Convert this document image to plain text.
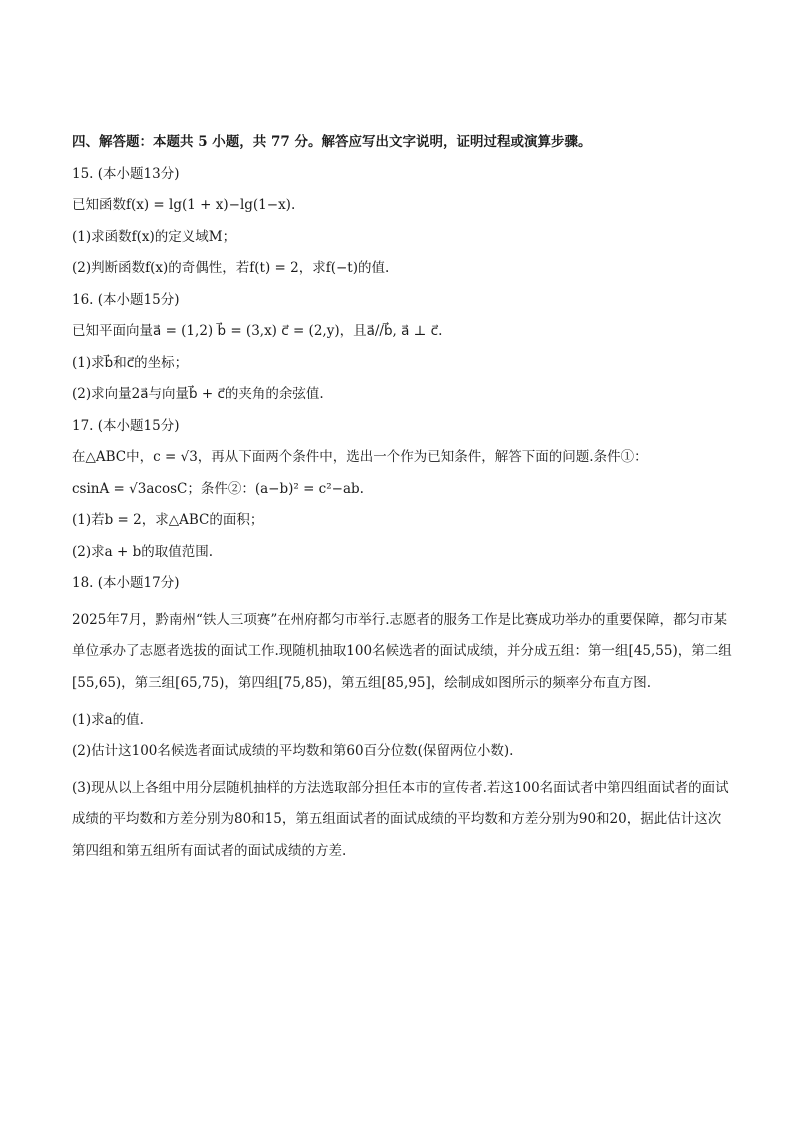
四、解答题：本题共 5 小题，共 77 分。解答应写出文字说明，证明过程或演算步骤。
15. (本小题13分)
已知函数f(x) = lg(1 + x)−lg(1−x).
(1)求函数f(x)的定义域M；
(2)判断函数f(x)的奇偶性，若f(t) = 2，求f(−t)的值.
16. (本小题15分)
已知平面向量a⃗ = (1,2) b⃗ = (3,x) c⃗ = (2,y)，且a⃗//b⃗, a⃗ ⊥ c⃗.
(1)求b⃗和c⃗的坐标；
(2)求向量2a⃗与向量b⃗ + c⃗的夹角的余弦值.
17. (本小题15分)
在△ABC中，c = √3，再从下面两个条件中，选出一个作为已知条件，解答下面的问题.条件①：
csinA = √3acosC；条件②：(a−b)² = c²−ab.
(1)若b = 2，求△ABC的面积；
(2)求a + b的取值范围.
18. (本小题17分)
2025年7月，黔南州“铁人三项赛”在州府都匀市举行.志愿者的服务工作是比赛成功举办的重要保障，都匀市某单位承办了志愿者选拔的面试工作.现随机抽取100名候选者的面试成绩，并分成五组：第一组[45,55)，第二组[55,65)，第三组[65,75)，第四组[75,85)，第五组[85,95]，绘制成如图所示的频率分布直方图.
(1)求a的值.
(2)估计这100名候选者面试成绩的平均数和第60百分位数(保留两位小数).
(3)现从以上各组中用分层随机抽样的方法选取部分担任本市的宣传者.若这100名面试者中第四组面试者的面试成绩的平均数和方差分别为80和15，第五组面试者的面试成绩的平均数和方差分别为90和20，据此估计这次第四组和第五组所有面试者的面试成绩的方差.
